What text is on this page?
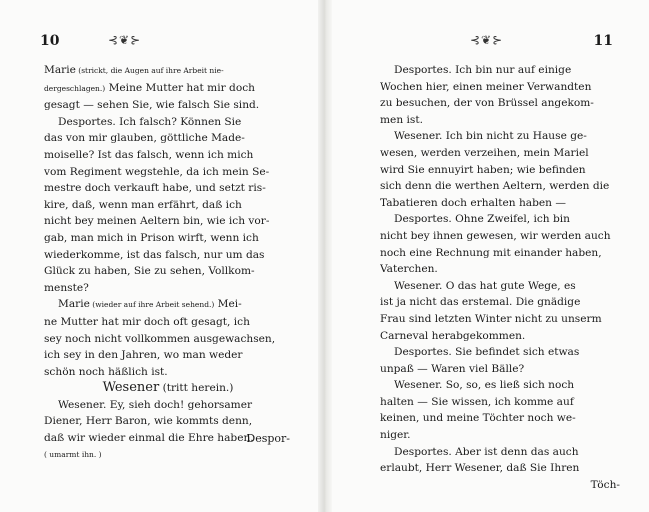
10	⊰❦⊱
Marie (strickt, die Augen auf ihre Arbeit nie-
dergeschlagen.) Meine Mutter hat mir doch
gesagt — sehen Sie, wie falsch Sie sind.
Desportes. Ich falsch? Können Sie
das von mir glauben, göttliche Made-
moiselle? Ist das falsch, wenn ich mich
vom Regiment wegstehle, da ich mein Se-
mestre doch verkauft habe, und setzt ris-
kire, daß, wenn man erfährt, daß ich
nicht bey meinen Aeltern bin, wie ich vor-
gab, man mich in Prison wirft, wenn ich
wiederkomme, ist das falsch, nur um das
Glück zu haben, Sie zu sehen, Vollkom-
menste?
Marie (wieder auf ihre Arbeit sehend.) Mei-
ne Mutter hat mir doch oft gesagt, ich
sey noch nicht vollkommen ausgewachsen,
ich sey in den Jahren, wo man weder
schön noch häßlich ist.
Wesener (tritt herein.)
Wesener. Ey, sieh doch! gehorsamer
Diener, Herr Baron, wie kommts denn,
daß wir wieder einmal die Ehre haben.
( umarmt ihn. )
Despor-
⊰❦⊱	11
Desportes. Ich bin nur auf einige
Wochen hier, einen meiner Verwandten
zu besuchen, der von Brüssel angekom-
men ist.
Wesener. Ich bin nicht zu Hause ge-
wesen, werden verzeihen, mein Mariel
wird Sie ennuyirt haben; wie befinden
sich denn die werthen Aeltern, werden die
Tabatieren doch erhalten haben —
Desportes. Ohne Zweifel, ich bin
nicht bey ihnen gewesen, wir werden auch
noch eine Rechnung mit einander haben,
Vaterchen.
Wesener. O das hat gute Wege, es
ist ja nicht das erstemal. Die gnädige
Frau sind letzten Winter nicht zu unserm
Carneval herabgekommen.
Desportes. Sie befindet sich etwas
unpaß — Waren viel Bälle?
Wesener. So, so, es ließ sich noch
halten — Sie wissen, ich komme auf
keinen, und meine Töchter noch we-
niger.
Desportes. Aber ist denn das auch
erlaubt, Herr Wesener, daß Sie Ihren
Töch-
